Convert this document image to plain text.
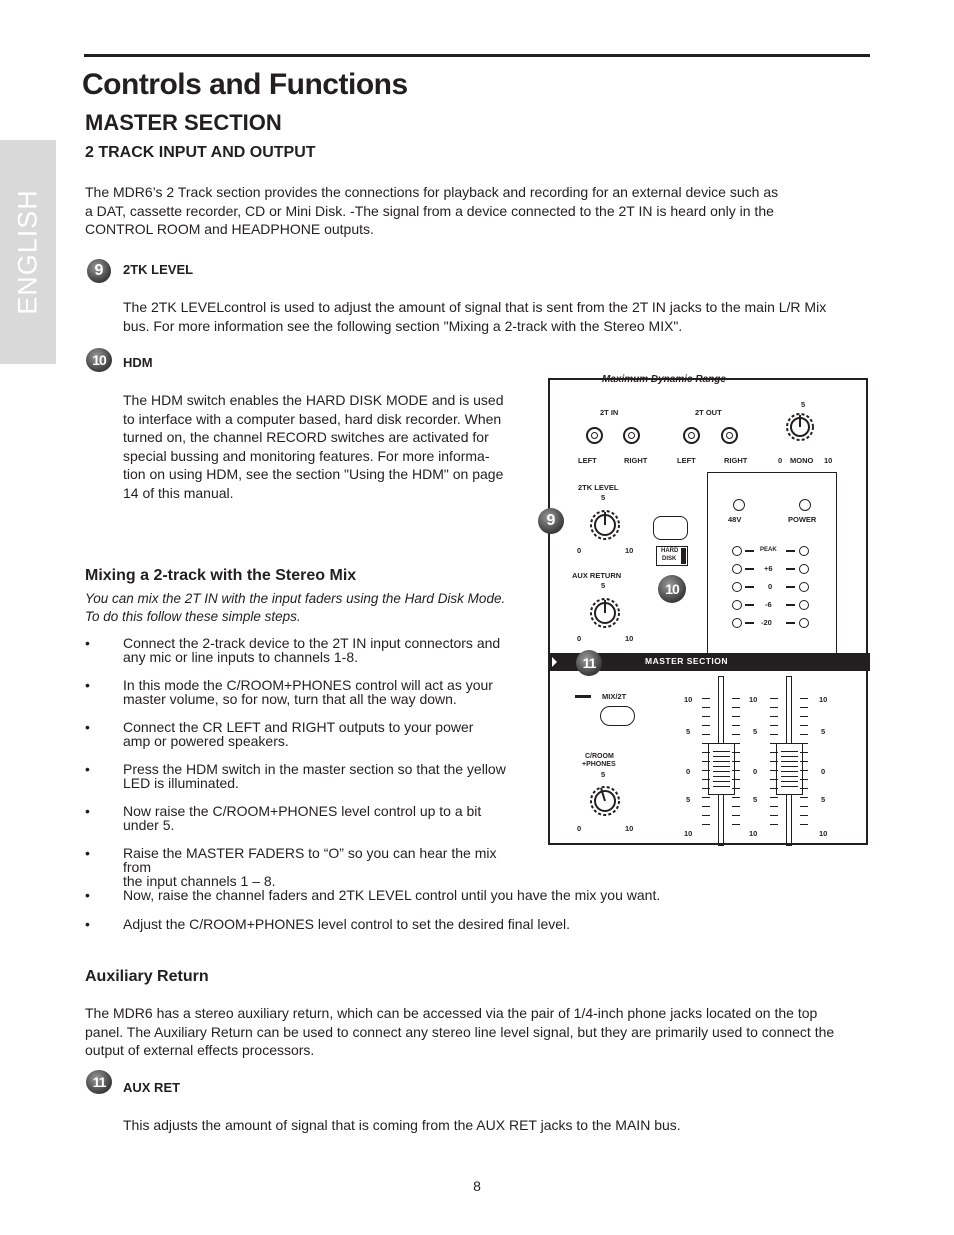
ENGLISH
Controls and Functions
MASTER SECTION
2 TRACK INPUT AND OUTPUT

The MDR6’s 2 Track section provides the connections for playback and recording for an external device such as
a DAT, cassette recorder, CD or Mini Disk. -The signal from a device connected to the 2T IN is heard only in the
CONTROL ROOM and HEADPHONE outputs.

9	2TK LEVEL

The 2TK LEVELcontrol is used to adjust the amount of signal that is sent from the 2T IN jacks to the main L/R Mix
bus. For more information see the following section "Mixing a 2-track with the Stereo MIX".

10	HDM

The HDM switch enables the HARD DISK MODE and is used
to interface with a computer based, hard disk recorder. When
turned on, the channel RECORD switches are activated for
special bussing and monitoring features. For more informa-
tion on using HDM, see the section "Using the HDM" on page
14 of this manual.

Mixing a 2-track with the Stereo Mix
You can mix the 2T IN with the input faders using the Hard Disk Mode.
To do this follow these simple steps.
• Connect the 2-track device to the 2T IN input connectors and
any mic or line inputs to channels 1-8.
• In this mode the C/ROOM+PHONES control will act as your
master volume, so for now, turn that all the way down.
• Connect the CR LEFT and RIGHT outputs to your power
amp or powered speakers.
• Press the HDM switch in the master section so that the yellow
LED is illuminated.
• Now raise the C/ROOM+PHONES level control up to a bit
under 5.
• Raise the MASTER FADERS to “O” so you can hear the mix from
the input channels 1 – 8.
• Now, raise the channel faders and 2TK LEVEL control until you have the mix you want.
• Adjust the C/ROOM+PHONES level control to set the desired final level.
Auxiliary Return

The MDR6 has a stereo auxiliary return, which can be accessed via the pair of 1/4-inch phone jacks located on the top
panel. The Auxiliary Return can be used to connect any stereo line level signal, but they are primarily used to connect the
output of external effects processors.

11	AUX RET

This adjusts the amount of signal that is coming from the AUX RET jacks to the MAIN bus.

8
Maximum Dynamic Range
2T IN	2T OUT
LEFT	RIGHT	LEFT	RIGHT
5
0 MONO 10
2TK LEVEL
5
0	10
AUX RETURN
5
0	10
HARD
DISK
48V	POWER
PEAK
+6
0
-6
-20
MASTER SECTION
MIX/2T
C/ROOM
+PHONES
5
0	10
10
5
0
5
10
10
5
0
5
10
10
5
0
5
10
9
10
11
